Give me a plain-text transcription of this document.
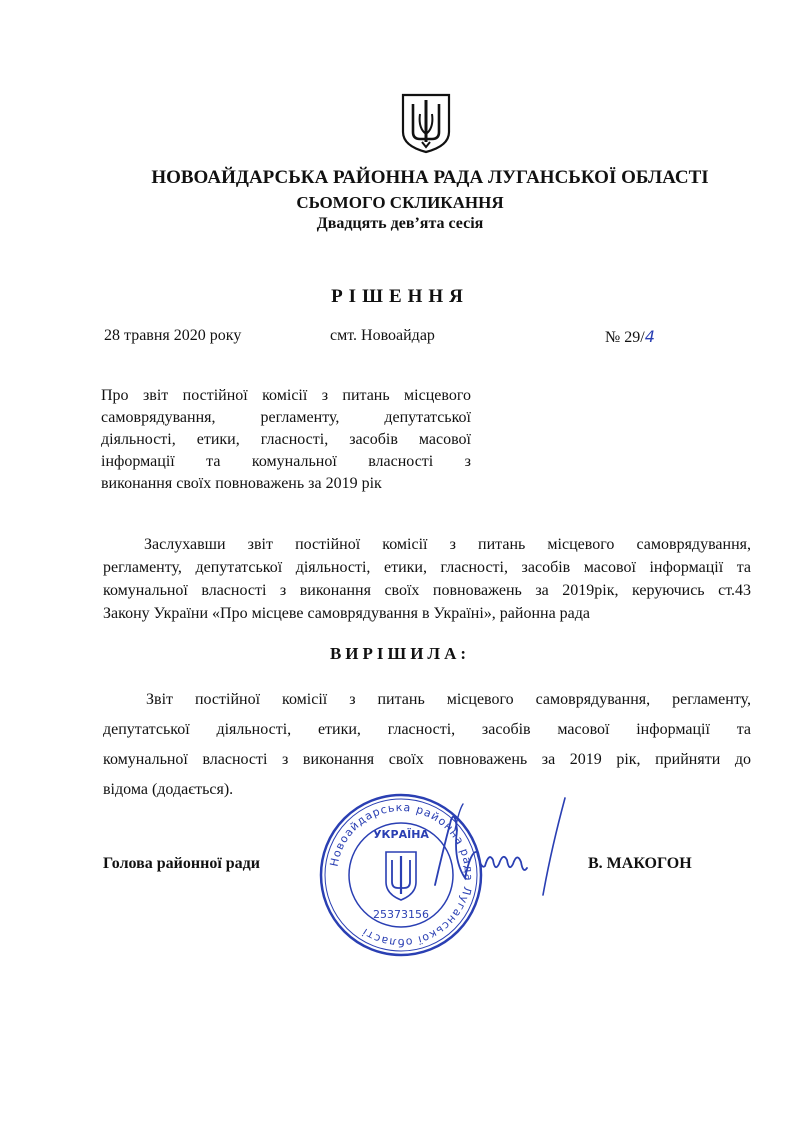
НОВОАЙДАРСЬКА РАЙОННА РАДА ЛУГАНСЬКОЇ ОБЛАСТІ
СЬОМОГО СКЛИКАННЯ
Двадцять дев’ята сесія
РІШЕННЯ
28 травня 2020 року	смт. Новоайдар	№ 29/4
Про звіт постійної комісії з питань місцевого
самоврядування, регламенту, депутатської
діяльності, етики, гласності, засобів масової
інформації та комунальної власності з
виконання своїх повноважень за 2019 рік
Заслухавши звіт постійної комісії з питань місцевого самоврядування,
регламенту, депутатської діяльності, етики, гласності, засобів масової інформації та
комунальної власності з виконання своїх повноважень за 2019рік, керуючись ст.43
Закону України «Про місцеве самоврядування в Україні», районна рада
ВИРІШИЛА:
Звіт постійної комісії з питань місцевого самоврядування, регламенту,
депутатської діяльності, етики, гласності, засобів масової інформації та
комунальної власності з виконання своїх повноважень за 2019 рік, прийняти до
відома (додається).
Новоайдарська районна рада Луганської області
УКРАЇНА
25373156
Голова районної ради	В. МАКОГОН
